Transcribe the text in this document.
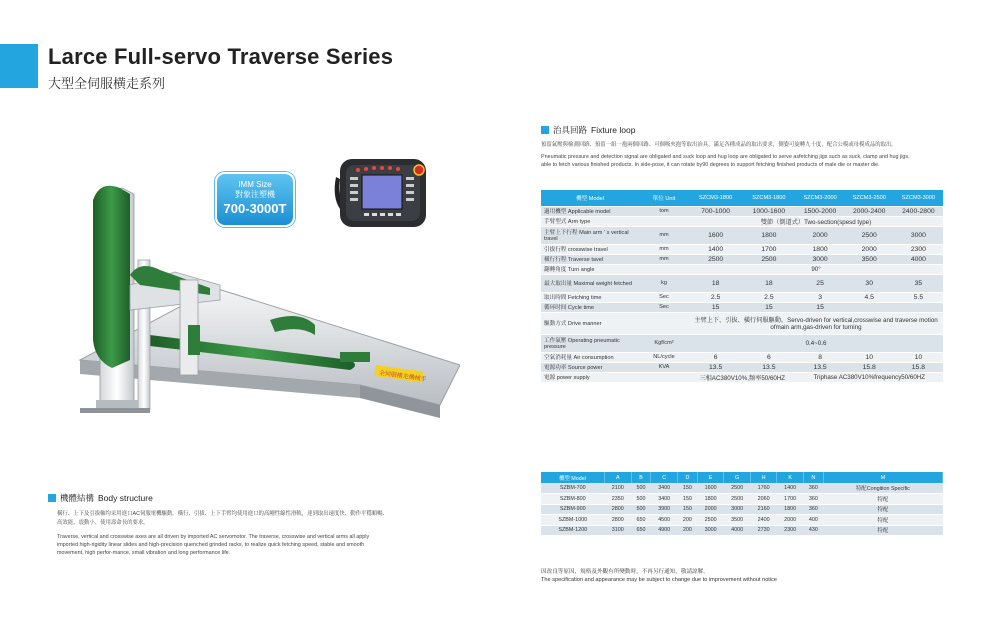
Larce Full-servo Traverse Series
大型全伺服横走系列
全伺服横走機械手
IMM Size
對象注塑機
700-3000T
治具回路 Fixture loop
預留氣壓與檢測回路、預留一組一抱兩個回路、可個吸夾抱等取出治具，滿足各種成品的取出要求，側姿可旋轉九十度，配合公模或母模成品的取出。
Pneumatic pressure and detection signal are obligated and suck loop and hug loop are obligated to serve asfetching jigs such as suck, clamp and hug jigs,
able to fetch various finished products. In side-pose, it can rotate by90 degrees to support fetching finished products of male die or master die.
機型 Model	單位 Unit	SZCM3-1800	SZCM3-1800	SZCM3-2000	SZCM3-2500	SZCM3-3000
適用機型 Applicable model	tom	700-1000	1000-1600	1500-2000	2000-2400	2400-2800
手臂型式 Arm type		雙節（倒道式）Two-section(spesd type)				
主臂上下行程 Main arm ' s vertical travel	mm	1600	1800	2000	2500	3000
引拔行程 crosswise travel	mm	1400	1700	1800	2000	2300
橫行行程 Traverse tavel	mm	2500	2500	3000	3500	4000
翻轉角度 Turn angle		90°				
最大取出量 Maximal weight fetched	kg	18	18	25	30	35
取出時間 Fetching time	Sec	2.5	2.5	3	4.5	5.5
循环时间 Cycle time	Sec	15	15	15		
驅動方式 Drive manner		主臂上下、引拔、橫行伺服驅動。Servo-driven for vertical,crosswise and traverse motion ofmain arm,gas-driven for turning				
工作氣壓 Operating pneumatic pressure	Kgf/cm²	0.4~0.6				
空氣消耗量 Air consumption	NL/cycle	6	6	8	10	10
電源功率 Source power	KVA	13.5	13.5	13.5	15.8	15.8
電源 power supply		三相AC380V10%,频率50/60HZ		Triphase AC380V10%frequency50/60HZ		
機體結構 Body structure
橫行、上下及引拔軸均采用進口AC伺服電機驅動。橫行、引拔、上下手臂均使用進口的高剛性線性滑軌，達到取出速度快、動作平穩順暢、
高效能、震動小、使用壽命長的要求。
Traverse, vertical and crosswise axes are all driven by imported AC servomotor. The traverse, crosswise and vertical arms all apply
imported high-rigidity linear slides and high-precision quenched grinded racks, to realize quick fetching speed, stable and smooth
movement, high perfor-mance, small vibration and long performance life.
機型 Model	A	B	C	D	E	G	H	K	N	M
SZBM-700	2100	500	3400	150	1600	2500	1760	1400	360	特配Congition Specific
SZBM-800	2350	500	3400	150	1800	2500	2060	1700	360	特配
SZBM-900	2800	500	3900	150	2000	3000	2160	1800	360	特配
SZBM-1000	2800	650	4500	200	2500	3500	2400	2000	400	特配
SZBM-1200	3100	650	4900	200	3000	4000	2730	2300	430	特配
因改良等原因，規格及外觀有所變動時，不再另行通知，敬請諒解。
The specification and appearance may be subject to change due to improvement without notice
